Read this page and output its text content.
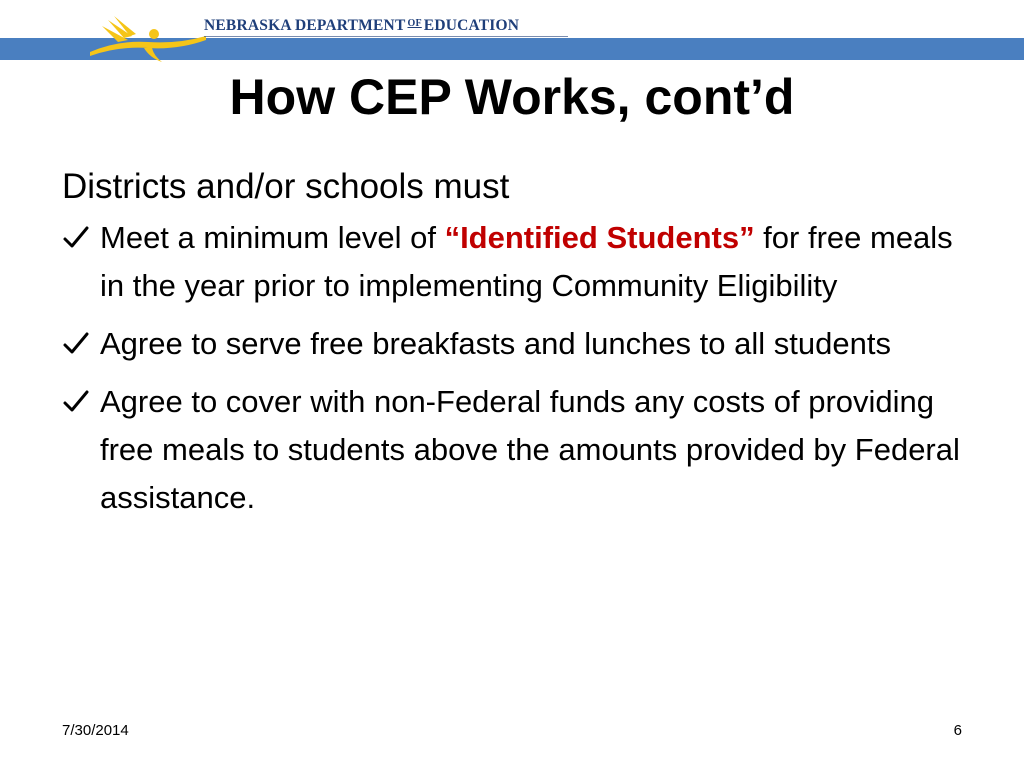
NEBRASKA DEPARTMENT $^{OF}$ EDUCATION
How CEP Works, cont’d
Districts and/or schools must
Meet a minimum level of “Identified Students” for free meals in the year prior to implementing Community Eligibility
Agree to serve free breakfasts and lunches to all students
Agree to cover with non-Federal funds any costs of providing free meals to students above the amounts provided by Federal assistance.
7/30/2014	6
